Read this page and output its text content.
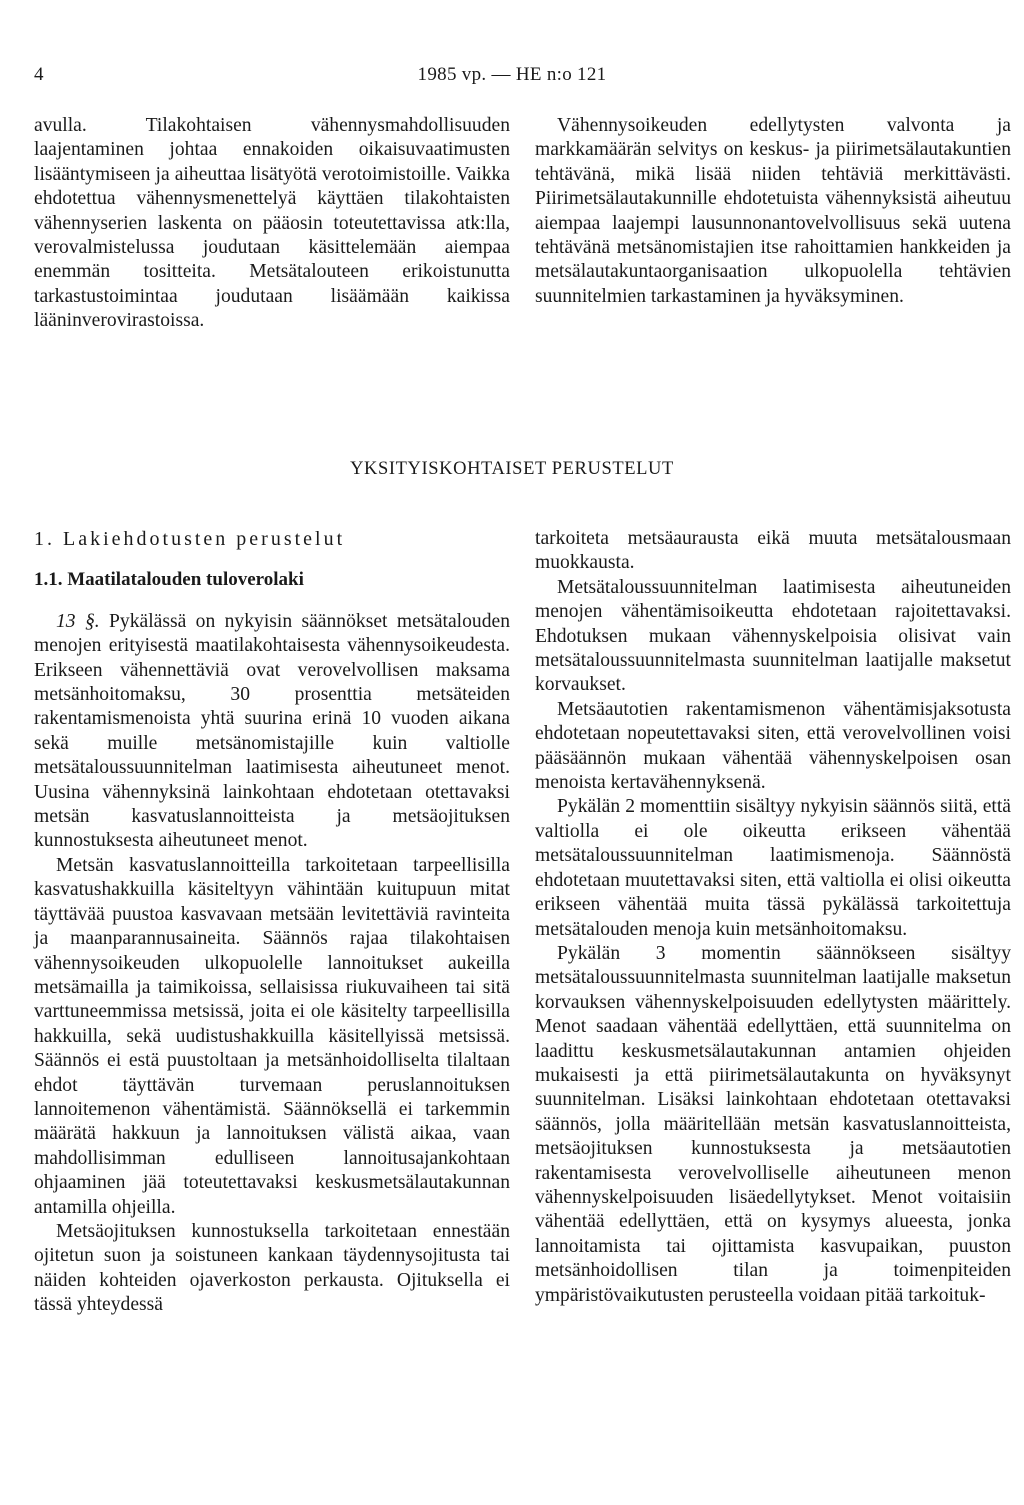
4	1985 vp. — HE n:o 121

avulla. Tilakohtaisen vähennysmahdollisuuden laajentaminen johtaa ennakoiden oikaisuvaatimusten lisääntymiseen ja aiheuttaa lisätyötä verotoimistoille. Vaikka ehdotettua vähennysmenettelyä käyttäen tilakohtaisten vähennyserien laskenta on pääosin toteutettavissa atk:lla, verovalmistelussa joudutaan käsittelemään aiempaa enemmän tositteita. Metsätalouteen erikoistunutta tarkastustoimintaa joudutaan lisäämään kaikissa lääninverovirastoissa.

Vähennysoikeuden edellytysten valvonta ja markkamäärän selvitys on keskus- ja piirimetsälautakuntien tehtävänä, mikä lisää niiden tehtäviä merkittävästi. Piirimetsälautakunnille ehdotetuista vähennyksistä aiheutuu aiempaa laajempi lausunnonantovelvollisuus sekä uutena tehtävänä metsänomistajien itse rahoittamien hankkeiden ja metsälautakuntaorganisaation ulkopuolella tehtävien suunnitelmien tarkastaminen ja hyväksyminen.

YKSITYISKOHTAISET PERUSTELUT
1. Lakiehdotusten perustelut
1.1. Maatilatalouden tuloverolaki

13 §. Pykälässä on nykyisin säännökset metsätalouden menojen erityisestä maatilakohtaisesta vähennysoikeudesta. Erikseen vähennettäviä ovat verovelvollisen maksama metsänhoitomaksu, 30 prosenttia metsäteiden rakentamismenoista yhtä suurina erinä 10 vuoden aikana sekä muille metsänomistajille kuin valtiolle metsätaloussuunnitelman laatimisesta aiheutuneet menot. Uusina vähennyksinä lainkohtaan ehdotetaan otettavaksi metsän kasvatuslannoitteista ja metsäojituksen kunnostuksesta aiheutuneet menot.

Metsän kasvatuslannoitteilla tarkoitetaan tarpeellisilla kasvatushakkuilla käsiteltyyn vähintään kuitupuun mitat täyttävää puustoa kasvavaan metsään levitettäviä ravinteita ja maanparannusaineita. Säännös rajaa tilakohtaisen vähennysoikeuden ulkopuolelle lannoitukset aukeilla metsämailla ja taimikoissa, sellaisissa riukuvaiheen tai sitä varttuneemmissa metsissä, joita ei ole käsitelty tarpeellisilla hakkuilla, sekä uudistushakkuilla käsitellyissä metsissä. Säännös ei estä puustoltaan ja metsänhoidolliselta tilaltaan ehdot täyttävän turvemaan peruslannoituksen lannoitemenon vähentämistä. Säännöksellä ei tarkemmin määrätä hakkuun ja lannoituksen välistä aikaa, vaan mahdollisimman edulliseen lannoitusajankohtaan ohjaaminen jää toteutettavaksi keskusmetsälautakunnan antamilla ohjeilla.

Metsäojituksen kunnostuksella tarkoitetaan ennestään ojitetun suon ja soistuneen kankaan täydennysojitusta tai näiden kohteiden ojaverkoston perkausta. Ojituksella ei tässä yhteydessä

tarkoiteta metsäaurausta eikä muuta metsätalousmaan muokkausta.

Metsätaloussuunnitelman laatimisesta aiheutuneiden menojen vähentämisoikeutta ehdotetaan rajoitettavaksi. Ehdotuksen mukaan vähennyskelpoisia olisivat vain metsätaloussuunnitelmasta suunnitelman laatijalle maksetut korvaukset.

Metsäautotien rakentamismenon vähentämisjaksotusta ehdotetaan nopeutettavaksi siten, että verovelvollinen voisi pääsäännön mukaan vähentää vähennyskelpoisen osan menoista kertavähennyksenä.

Pykälän 2 momenttiin sisältyy nykyisin säännös siitä, että valtiolla ei ole oikeutta erikseen vähentää metsätaloussuunnitelman laatimismenoja. Säännöstä ehdotetaan muutettavaksi siten, että valtiolla ei olisi oikeutta erikseen vähentää muita tässä pykälässä tarkoitettuja metsätalouden menoja kuin metsänhoitomaksu.

Pykälän 3 momentin säännökseen sisältyy metsätaloussuunnitelmasta suunnitelman laatijalle maksetun korvauksen vähennyskelpoisuuden edellytysten määrittely. Menot saadaan vähentää edellyttäen, että suunnitelma on laadittu keskusmetsälautakunnan antamien ohjeiden mukaisesti ja että piirimetsälautakunta on hyväksynyt suunnitelman. Lisäksi lainkohtaan ehdotetaan otettavaksi säännös, jolla määritellään metsän kasvatuslannoitteista, metsäojituksen kunnostuksesta ja metsäautotien rakentamisesta verovelvolliselle aiheutuneen menon vähennyskelpoisuuden lisäedellytykset. Menot voitaisiin vähentää edellyttäen, että on kysymys alueesta, jonka lannoitamista tai ojittamista kasvupaikan, puuston metsänhoidollisen tilan ja toimenpiteiden ympäristövaikutusten perusteella voidaan pitää tarkoituk-
